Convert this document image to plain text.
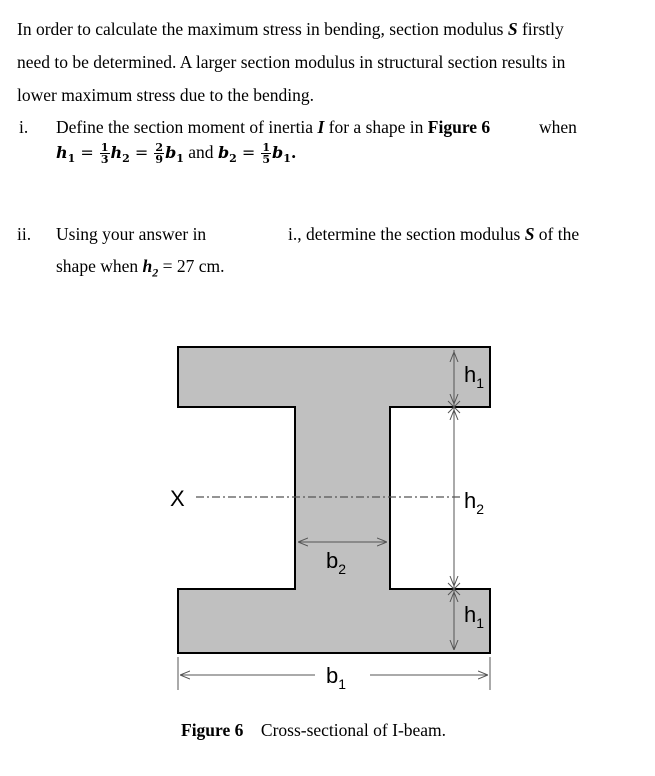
In order to calculate the maximum stress in bending, section modulus S firstly
need to be determined. A larger section modulus in structural section results in
lower maximum stress due to the bending.
i. Define the section moment of inertia I for a shape in Figure 6	when
$h_1 = \frac{1}{3} h_2 = \frac{2}{9} b_1$ and $b_2 = \frac{1}{5} b_1$.
ii. Using your answer in	i., determine the section modulus S of the
shape when $h_2 = 27$ cm.
X
$h_1$
$h_2$
$h_1$
$b_2$
$b_1$
Figure 6 Cross-sectional of I-beam.
